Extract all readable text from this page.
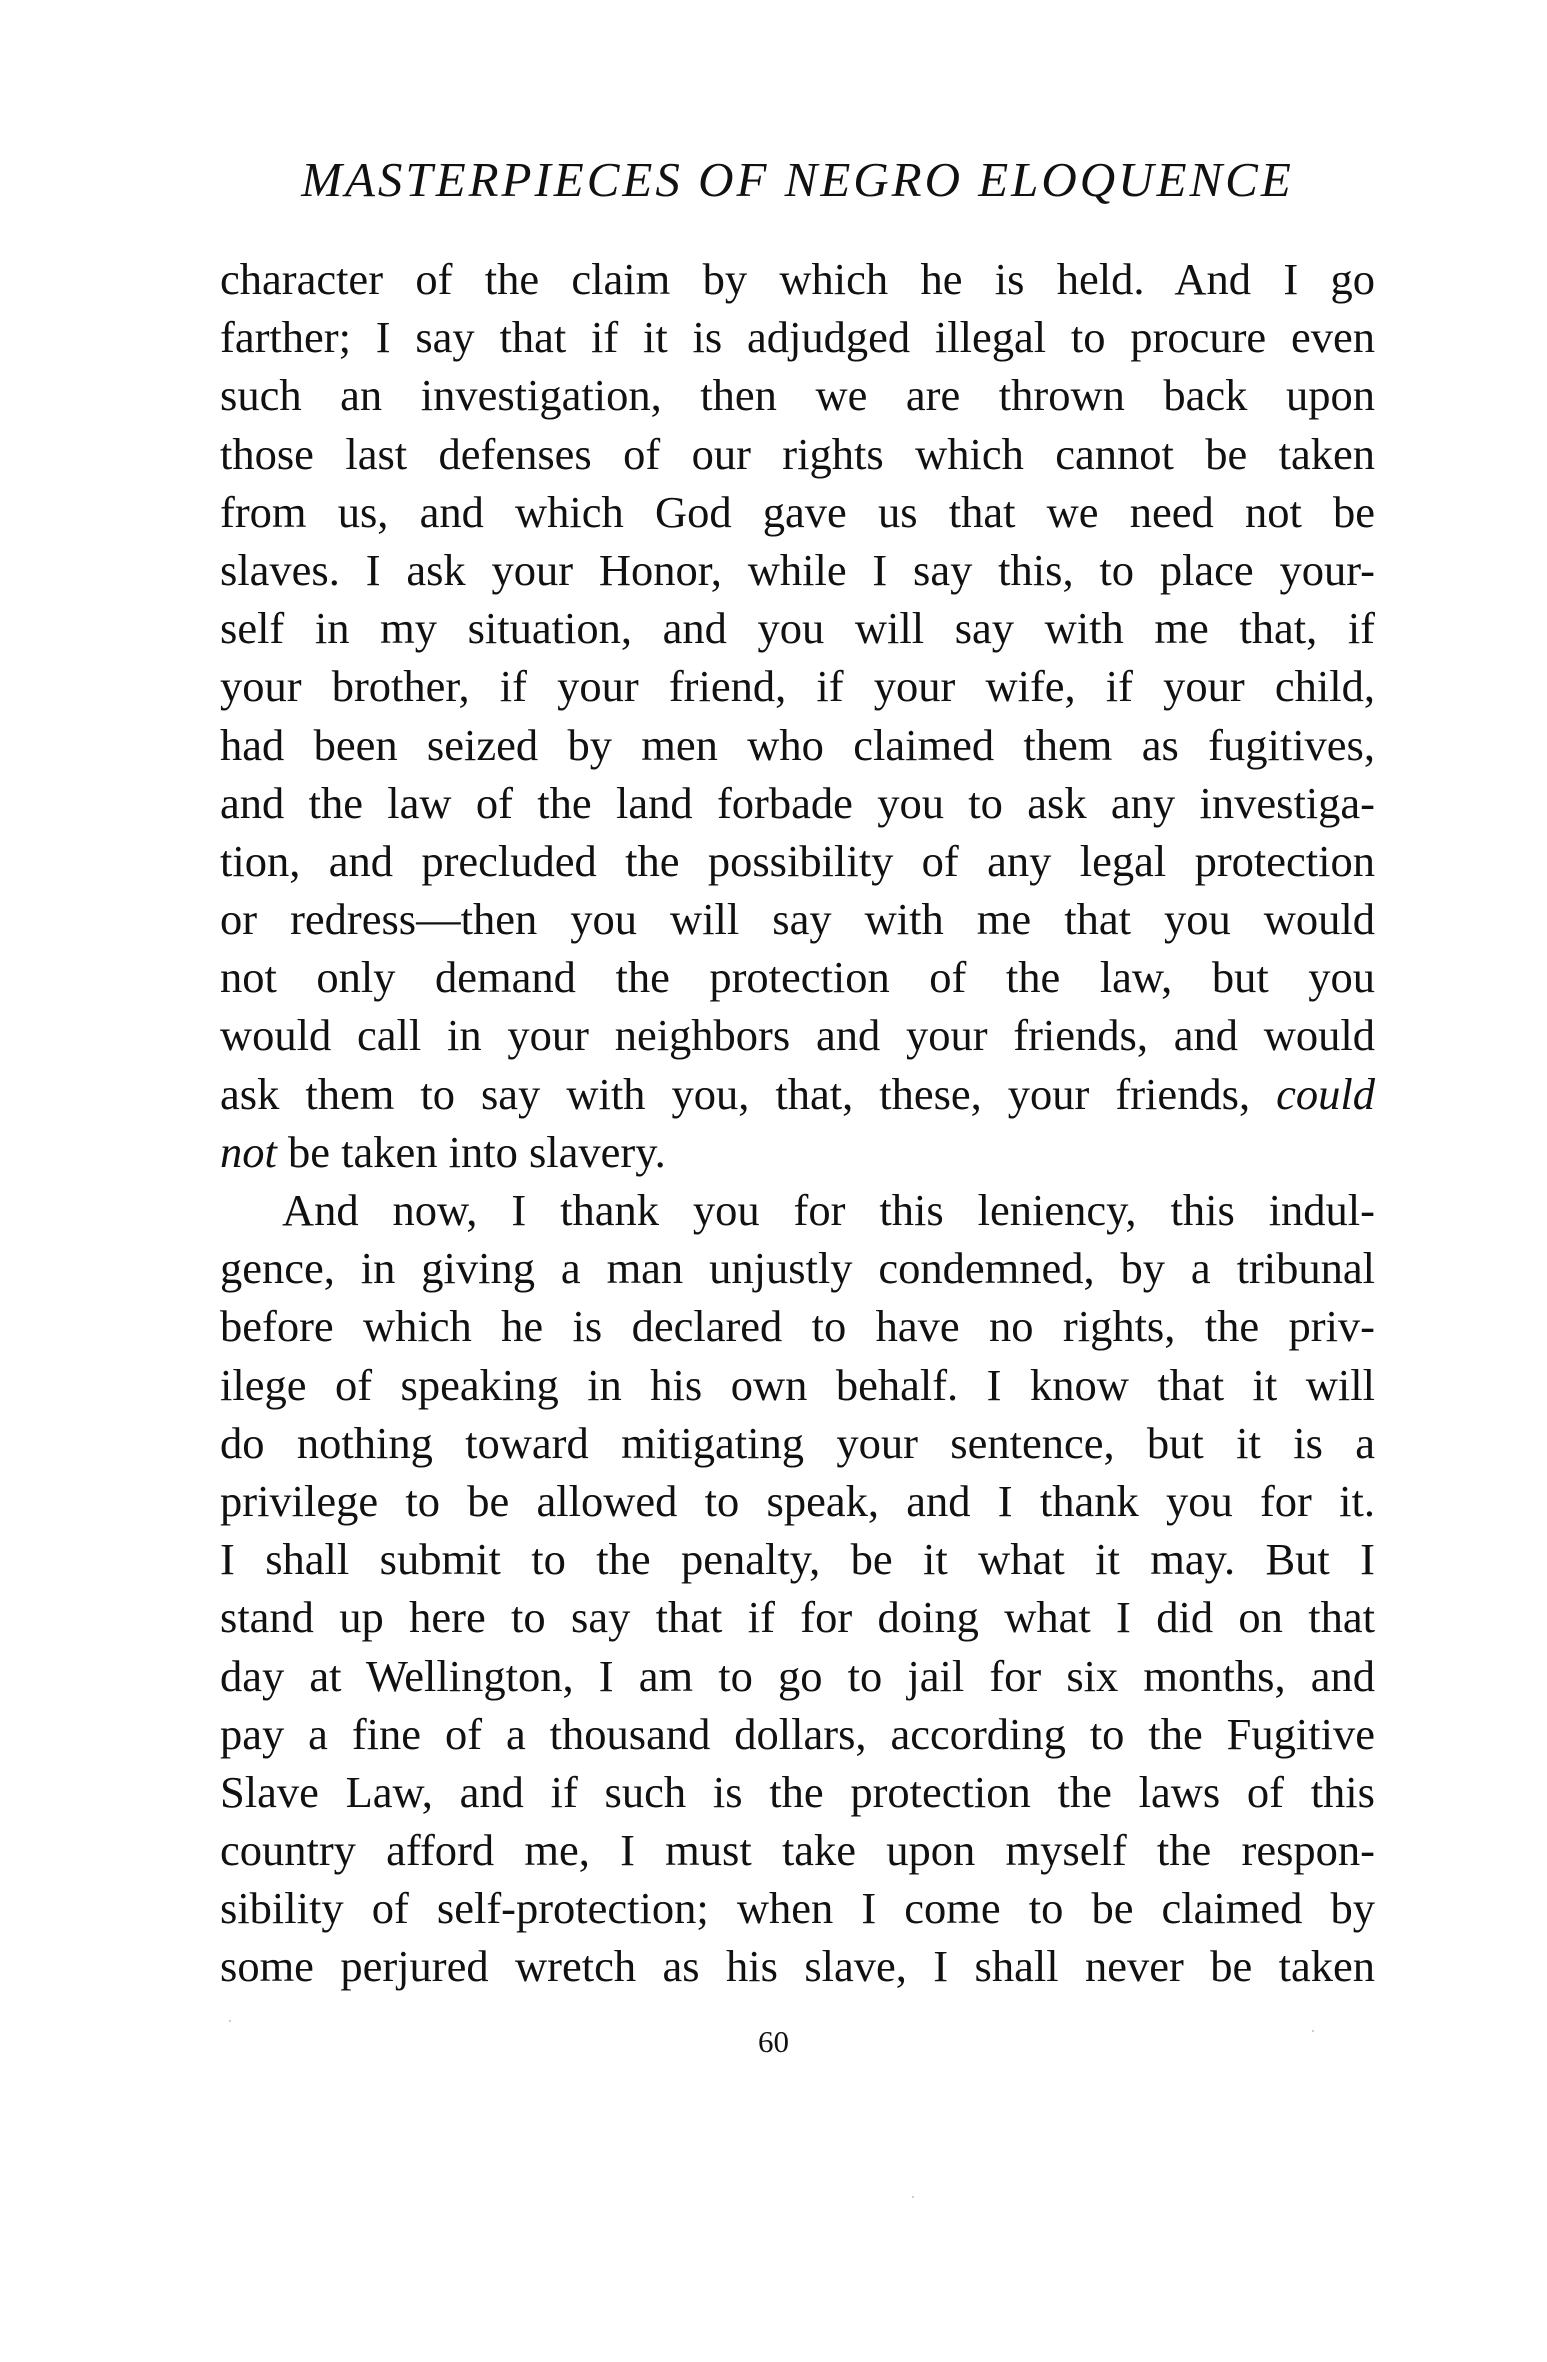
MASTERPIECES OF NEGRO ELOQUENCE
character of the claim by which he is held. And I go
farther; I say that if it is adjudged illegal to procure even
such an investigation, then we are thrown back upon
those last defenses of our rights which cannot be taken
from us, and which God gave us that we need not be
slaves. I ask your Honor, while I say this, to place your-
self in my situation, and you will say with me that, if
your brother, if your friend, if your wife, if your child,
had been seized by men who claimed them as fugitives,
and the law of the land forbade you to ask any investiga-
tion, and precluded the possibility of any legal protection
or redress—then you will say with me that you would
not only demand the protection of the law, but you
would call in your neighbors and your friends, and would
ask them to say with you, that, these, your friends, could
not be taken into slavery.
And now, I thank you for this leniency, this indul-
gence, in giving a man unjustly condemned, by a tribunal
before which he is declared to have no rights, the priv-
ilege of speaking in his own behalf. I know that it will
do nothing toward mitigating your sentence, but it is a
privilege to be allowed to speak, and I thank you for it.
I shall submit to the penalty, be it what it may. But I
stand up here to say that if for doing what I did on that
day at Wellington, I am to go to jail for six months, and
pay a fine of a thousand dollars, according to the Fugitive
Slave Law, and if such is the protection the laws of this
country afford me, I must take upon myself the respon-
sibility of self-protection; when I come to be claimed by
some perjured wretch as his slave, I shall never be taken
60
